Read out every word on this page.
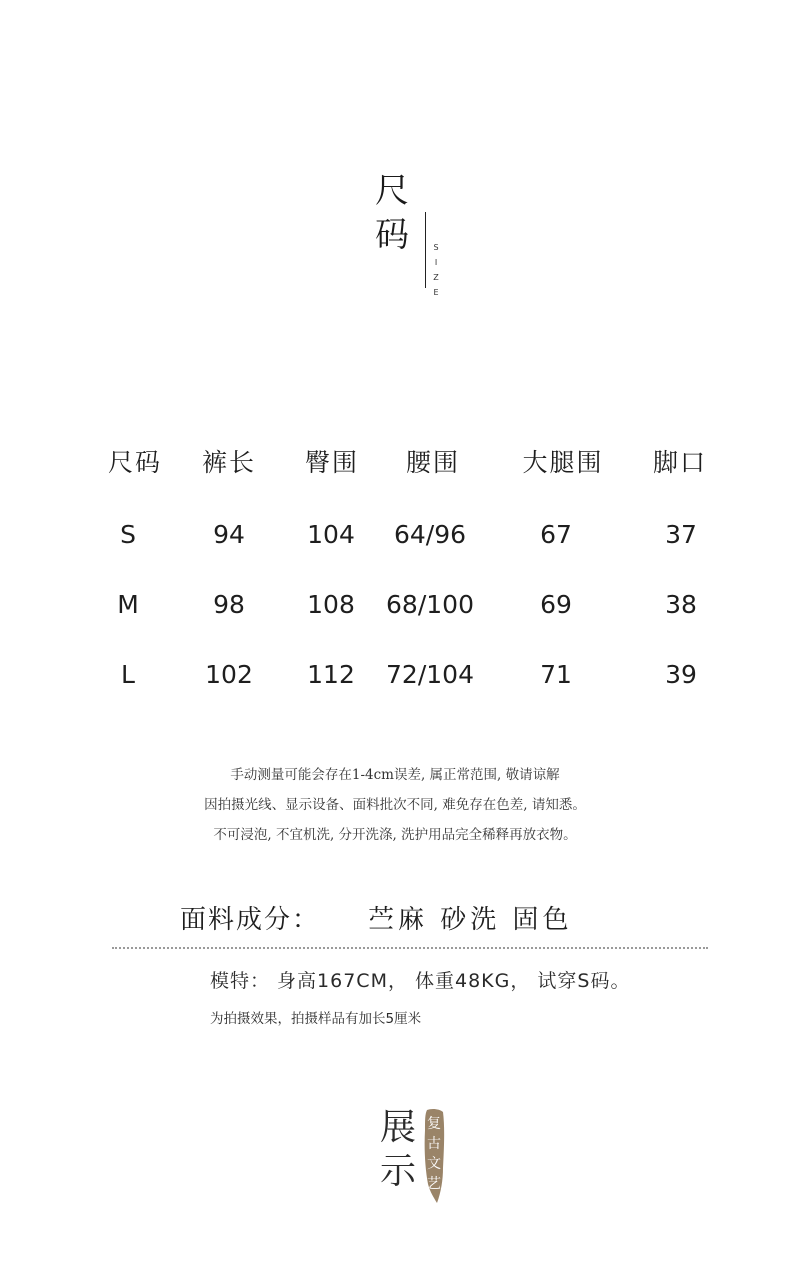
尺
码	S
I
Z
E
尺码 裤长 臀围 腰围 大腿围 脚口
S	94 104 64/96	67	37
M	98 108 68/100	69	38
L	102 112 72/104	71	39
手动测量可能会存在1-4cm误差, 属正常范围, 敬请谅解
因拍摄光线、显示设备、面料批次不同, 难免存在色差, 请知悉。
不可浸泡, 不宜机洗, 分开洗涤, 洗护用品完全稀释再放衣物。
面料成分： 苎麻 砂洗 固色
模特： 身高167CM， 体重48KG， 试穿S码。
为拍摄效果，拍摄样品有加长5厘米
展
示
复
古
文
艺
